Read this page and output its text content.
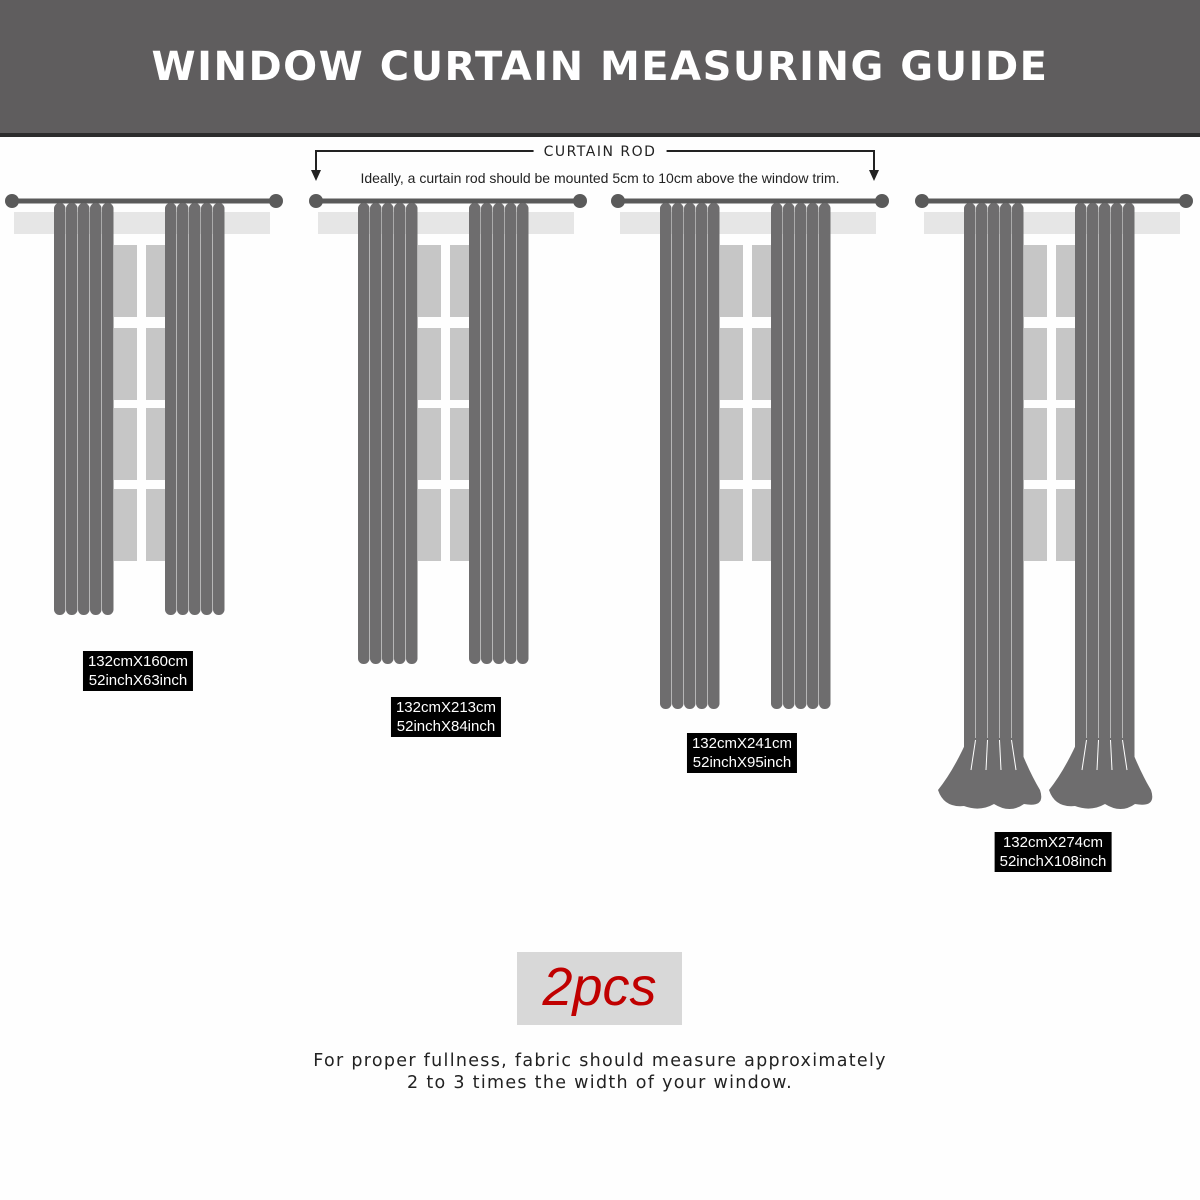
WINDOW CURTAIN MEASURING GUIDE
CURTAIN ROD
Ideally, a curtain rod should be mounted 5cm to 10cm above the window trim.
132cmX160cm
52inchX63inch
132cmX213cm
52inchX84inch
132cmX241cm
52inchX95inch
132cmX274cm
52inchX108inch
2pcs
For proper fullness, fabric should measure approximately
2 to 3 times the width of your window.
